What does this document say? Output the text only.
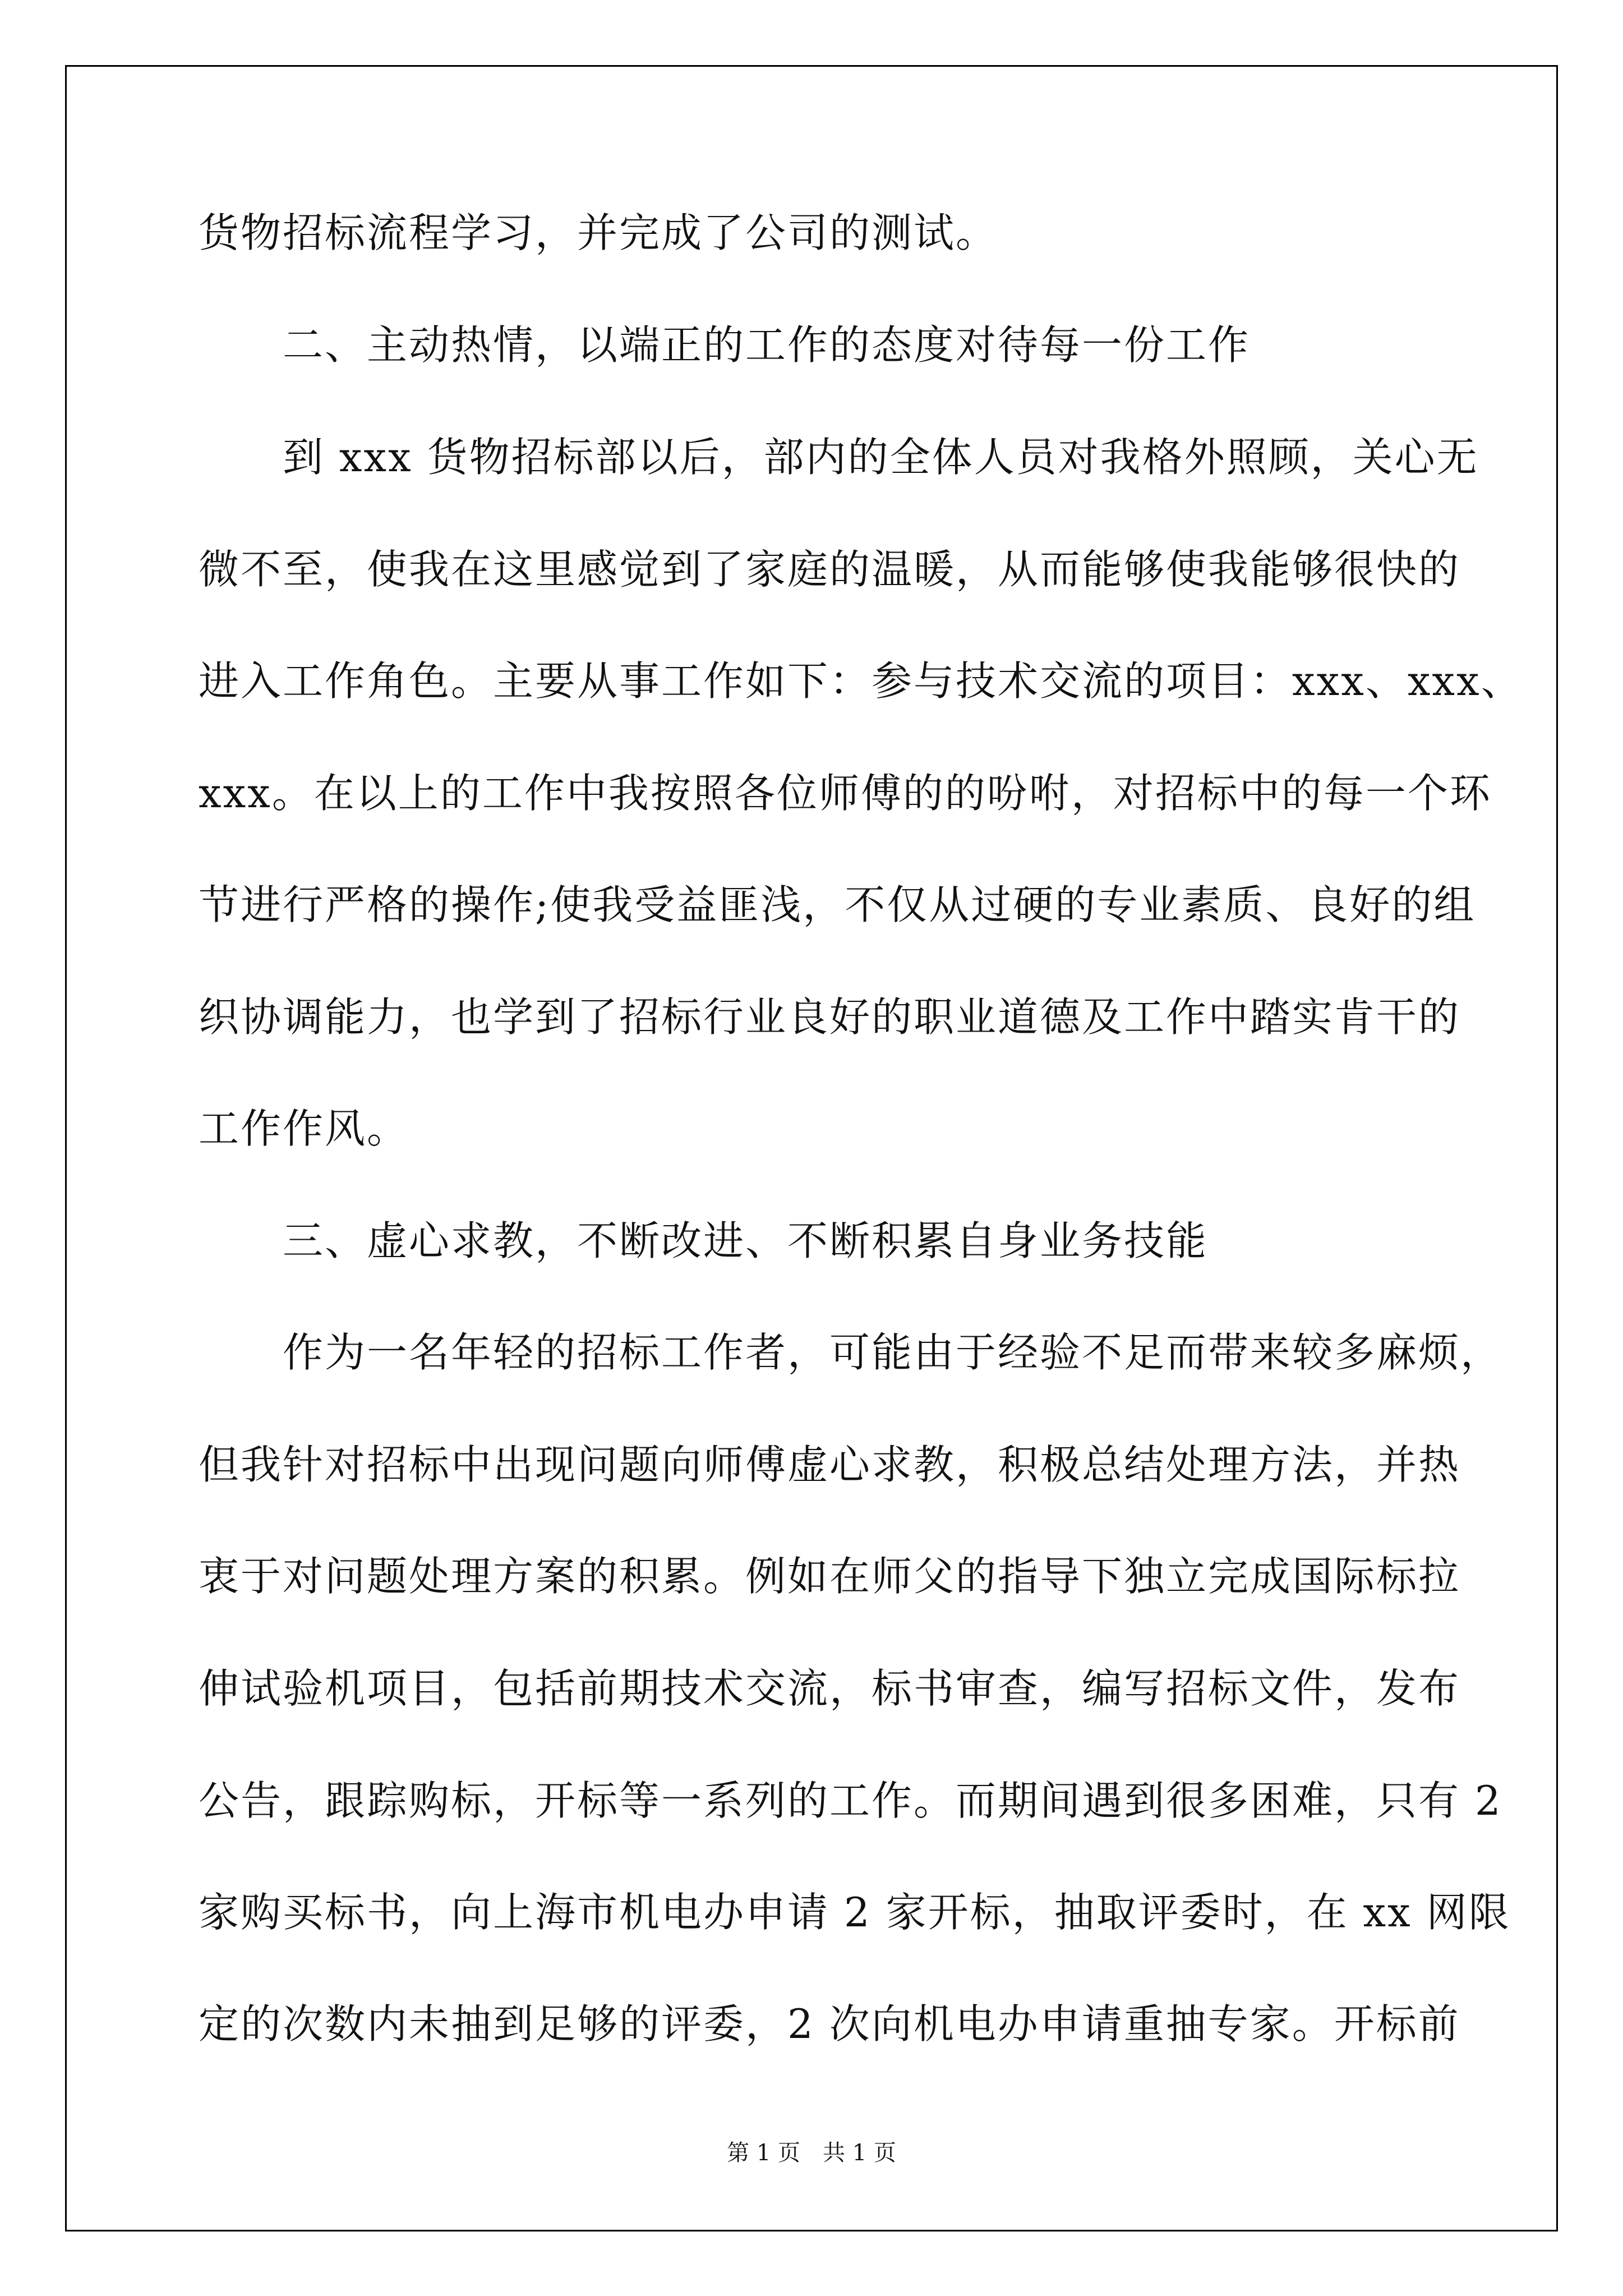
货物招标流程学习，并完成了公司的测试。
　　二、主动热情，以端正的工作的态度对待每一份工作
　　到 xxx 货物招标部以后，部内的全体人员对我格外照顾，关心无
微不至，使我在这里感觉到了家庭的温暖，从而能够使我能够很快的
进入工作角色。主要从事工作如下：参与技术交流的项目：xxx、xxx、
xxx。在以上的工作中我按照各位师傅的的吩咐，对招标中的每一个环
节进行严格的操作;使我受益匪浅，不仅从过硬的专业素质、良好的组
织协调能力，也学到了招标行业良好的职业道德及工作中踏实肯干的
工作作风。
　　三、虚心求教，不断改进、不断积累自身业务技能
　　作为一名年轻的招标工作者，可能由于经验不足而带来较多麻烦，
但我针对招标中出现问题向师傅虚心求教，积极总结处理方法，并热
衷于对问题处理方案的积累。例如在师父的指导下独立完成国际标拉
伸试验机项目，包括前期技术交流，标书审查，编写招标文件，发布
公告，跟踪购标，开标等一系列的工作。而期间遇到很多困难，只有 2
家购买标书，向上海市机电办申请 2 家开标，抽取评委时，在 xx 网限
定的次数内未抽到足够的评委，2 次向机电办申请重抽专家。开标前
第 1 页　共 1 页
